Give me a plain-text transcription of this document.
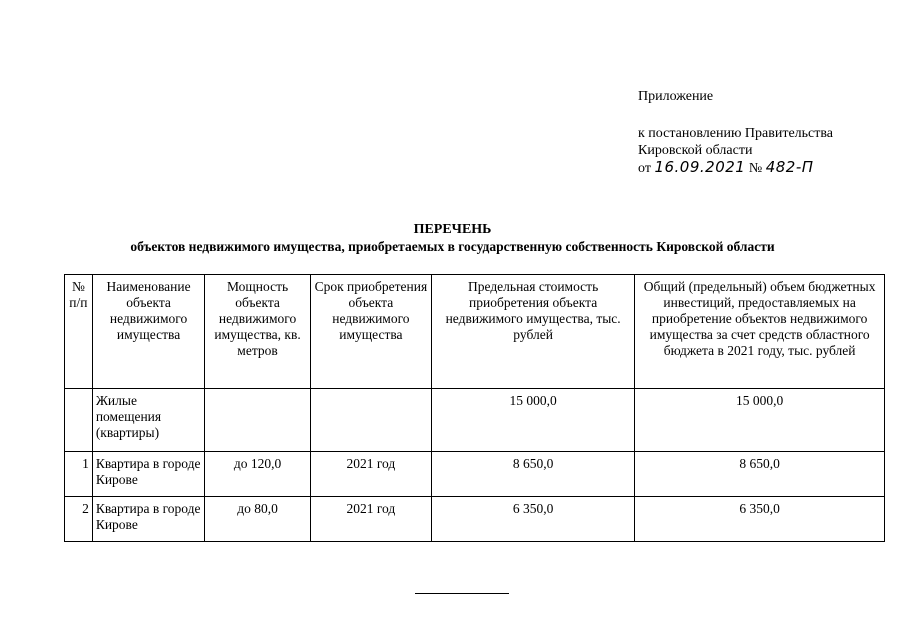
Приложение
к постановлению Правительства
Кировской области
от 16.09.2021 № 482-П
ПЕРЕЧЕНЬ
объектов недвижимого имущества, приобретаемых в государственную собственность Кировской области
№ п/п	Наименование объекта недвижимого имущества	Мощность объекта недвижимого имущества, кв. метров	Срок приобретения объекта недвижимого имущества	Предельная стоимость приобретения объекта недвижимого имущества, тыс. рублей	Общий (предельный) объем бюджетных инвестиций, предоставляемых на приобретение объектов недвижимого имущества за счет средств областного бюджета в 2021 году, тыс. рублей
	Жилые помещения (квартиры)			15 000,0	15 000,0
1	Квартира в городе Кирове	до 120,0	2021 год	8 650,0	8 650,0
2	Квартира в городе Кирове	до 80,0	2021 год	6 350,0	6 350,0
